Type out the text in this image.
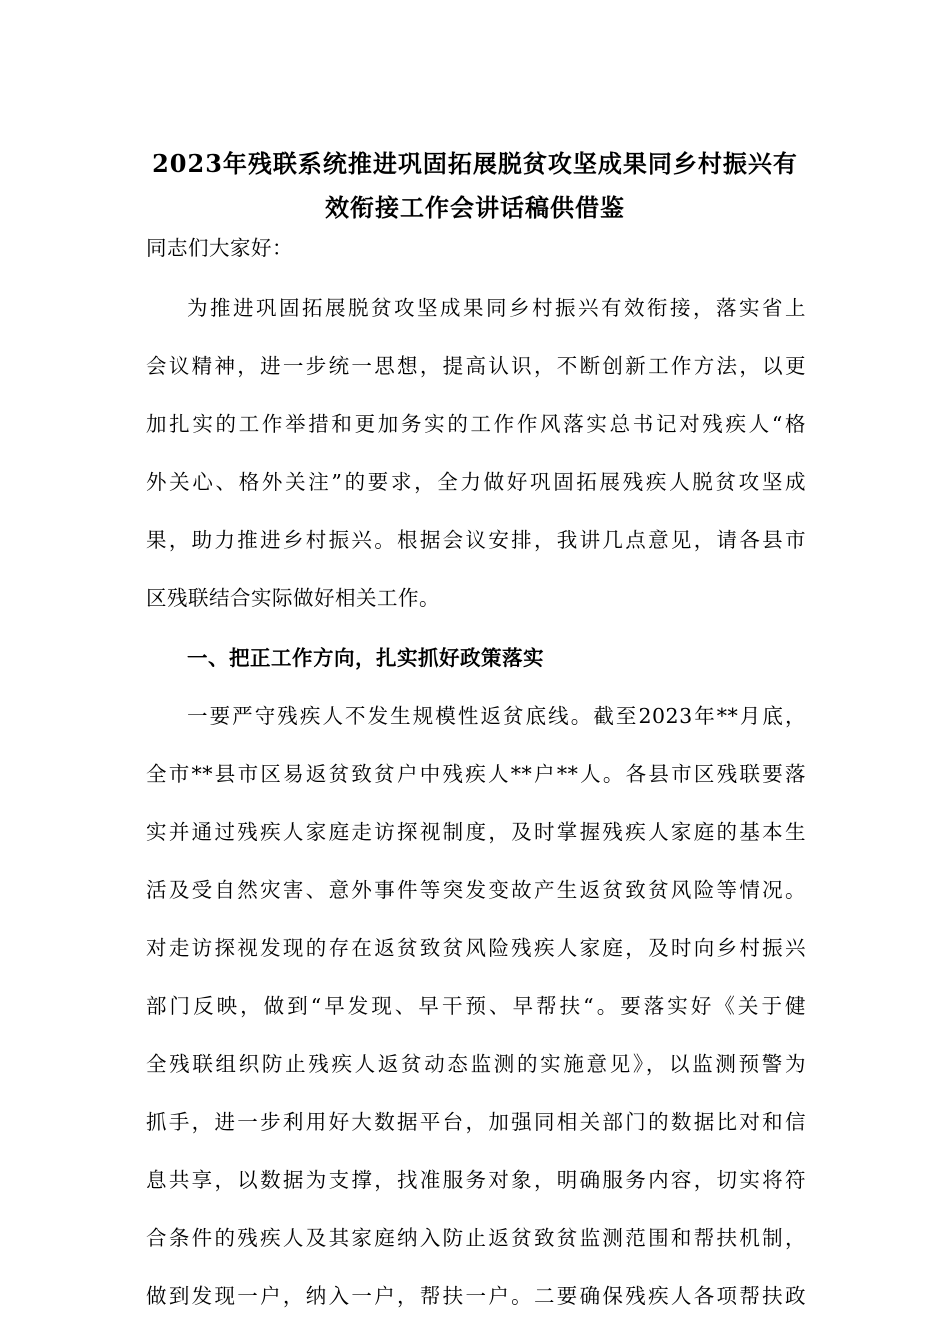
2023年残联系统推进巩固拓展脱贫攻坚成果同乡村振兴有
效衔接工作会讲话稿供借鉴
同志们大家好：
为推进巩固拓展脱贫攻坚成果同乡村振兴有效衔接，落实省上
会议精神，进一步统一思想，提高认识，不断创新工作方法，以更
加扎实的工作举措和更加务实的工作作风落实总书记对残疾人“格
外关心、格外关注”的要求，全力做好巩固拓展残疾人脱贫攻坚成
果，助力推进乡村振兴。根据会议安排，我讲几点意见，请各县市
区残联结合实际做好相关工作。
一、把正工作方向，扎实抓好政策落实
一要严守残疾人不发生规模性返贫底线。截至2023年**月底，
全市**县市区易返贫致贫户中残疾人**户**人。各县市区残联要落
实并通过残疾人家庭走访探视制度，及时掌握残疾人家庭的基本生
活及受自然灾害、意外事件等突发变故产生返贫致贫风险等情况。
对走访探视发现的存在返贫致贫风险残疾人家庭，及时向乡村振兴
部门反映，做到“早发现、早干预、早帮扶“。要落实好《关于健
全残联组织防止残疾人返贫动态监测的实施意见》，以监测预警为
抓手，进一步利用好大数据平台，加强同相关部门的数据比对和信
息共享，以数据为支撑，找准服务对象，明确服务内容，切实将符
合条件的残疾人及其家庭纳入防止返贫致贫监测范围和帮扶机制，
做到发现一户，纳入一户，帮扶一户。二要确保残疾人各项帮扶政
